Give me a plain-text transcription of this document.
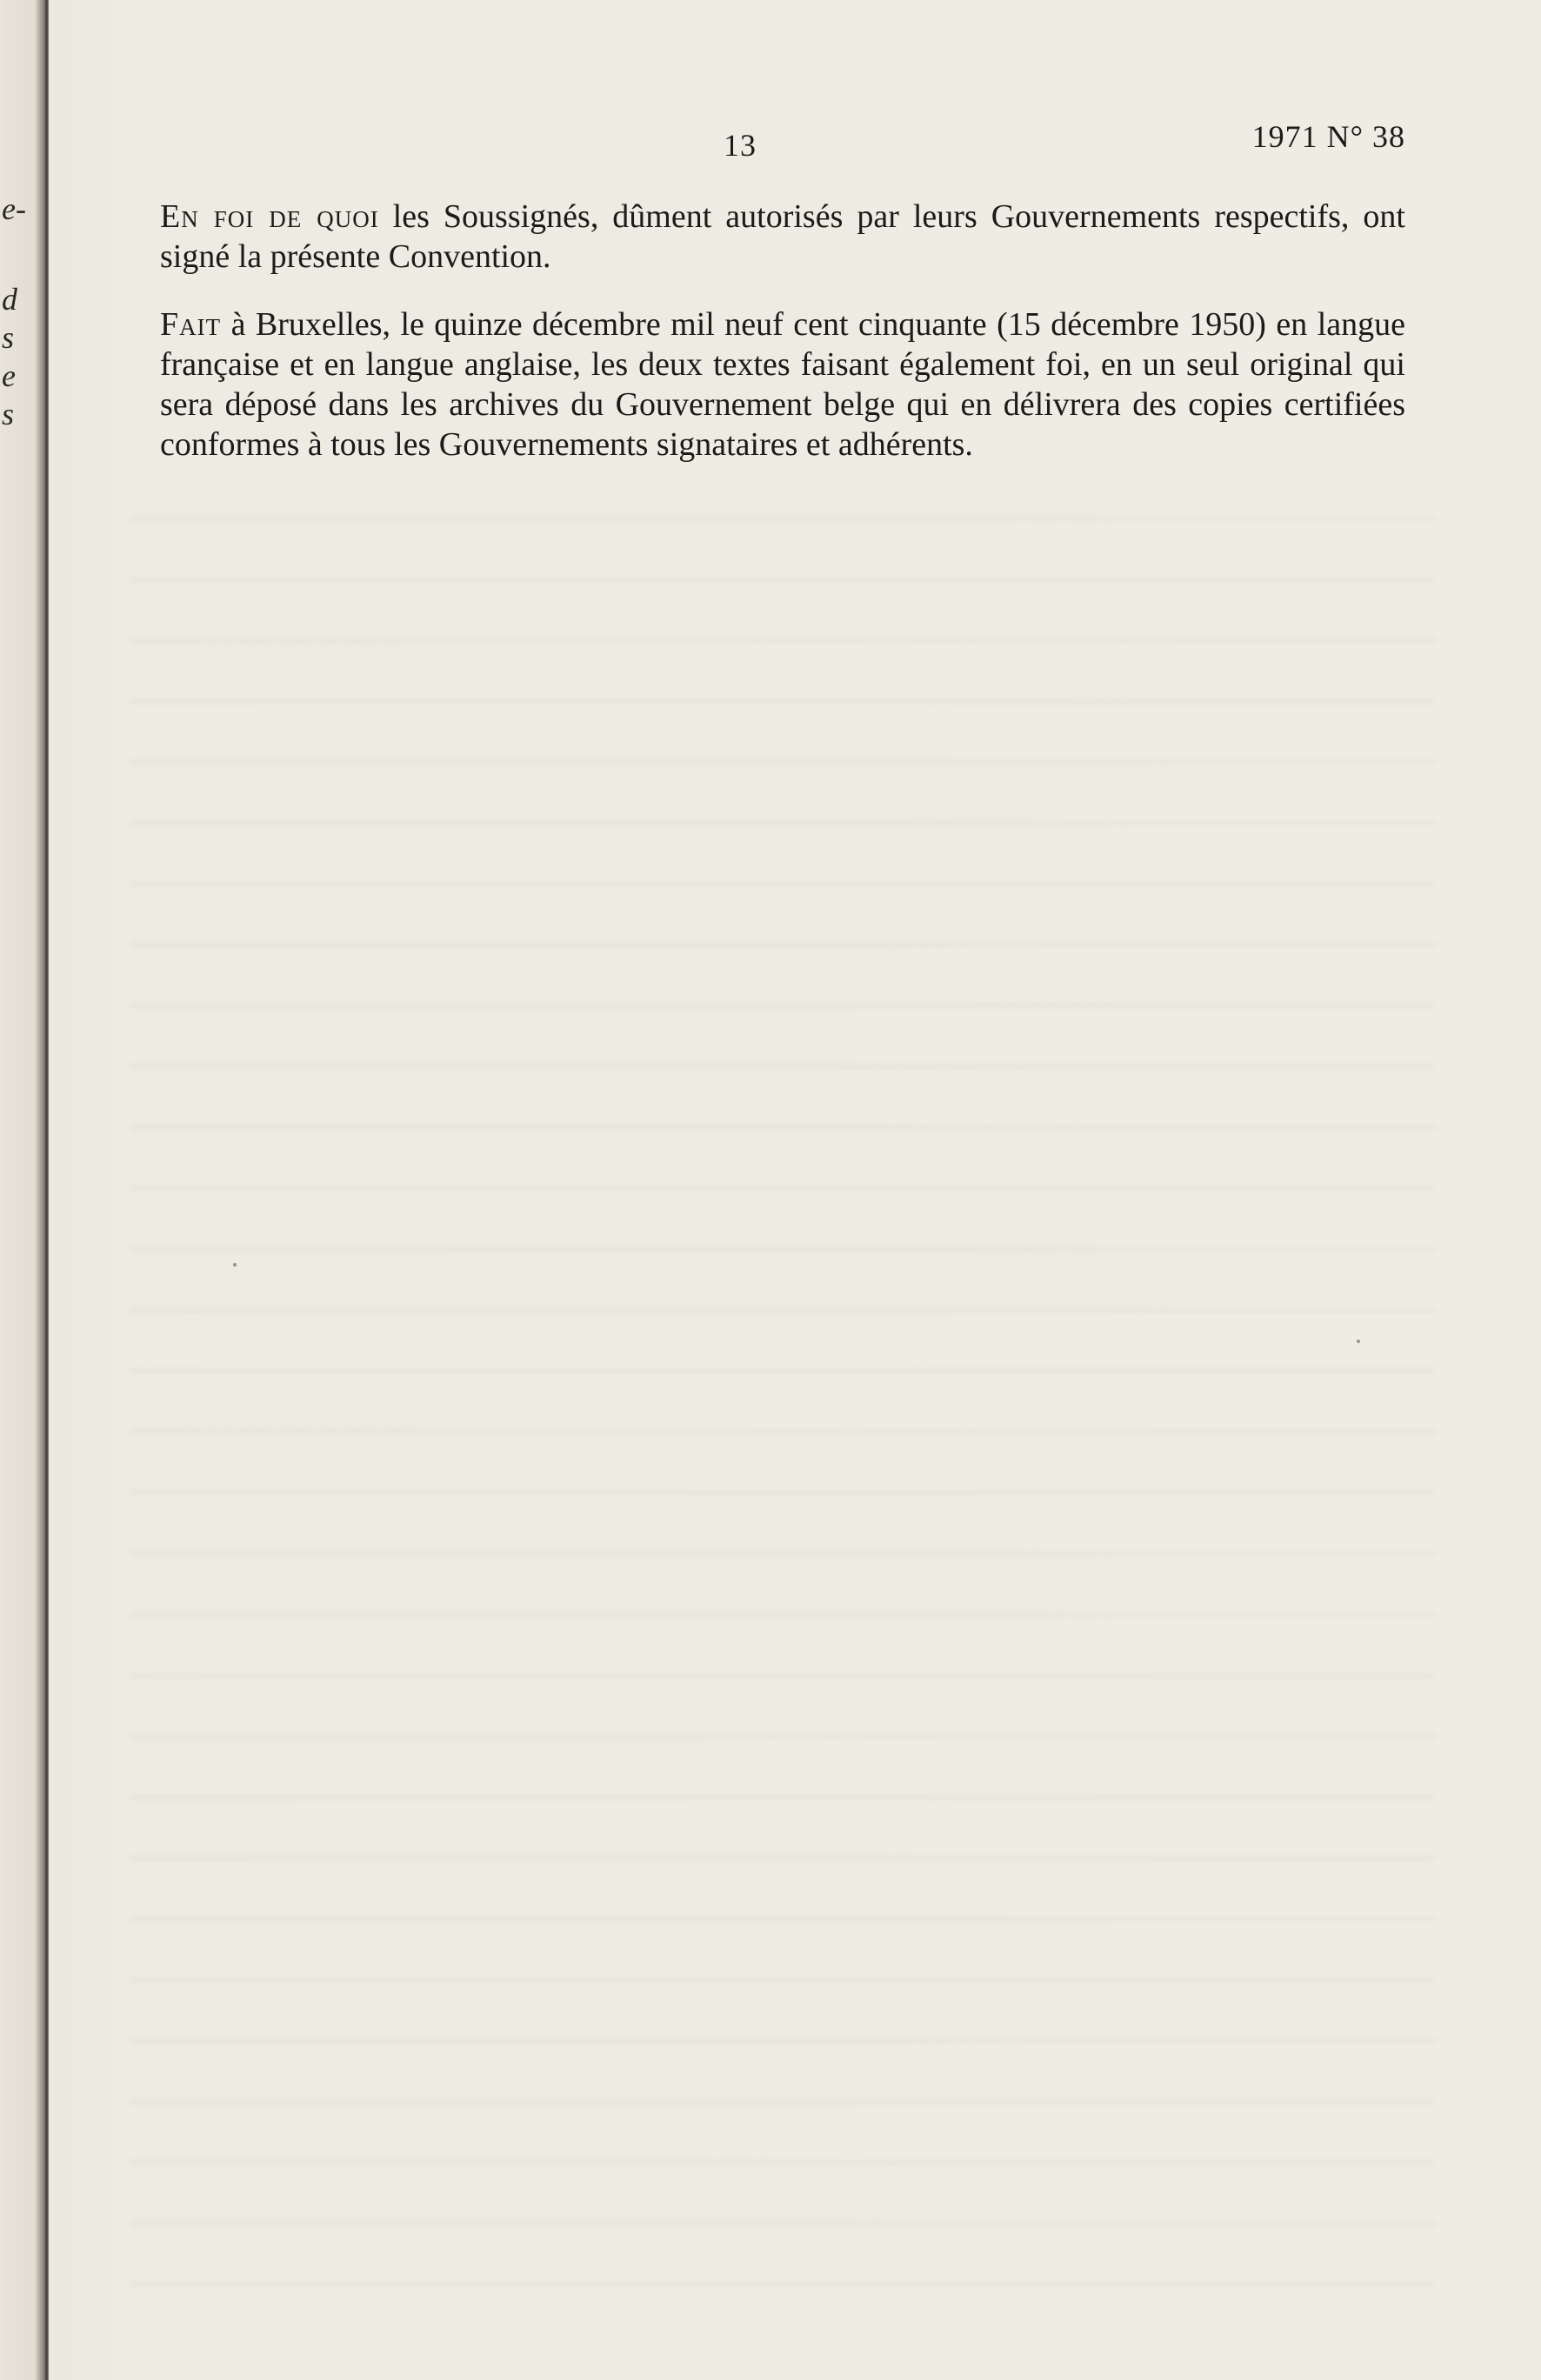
e-
d
s
e
s
13	1971 N° 38

En foi de quoi les Soussignés, dûment autorisés par leurs Gouvernements respectifs, ont signé la présente Convention.

Fait à Bruxelles, le quinze décembre mil neuf cent cinquante (15 décembre 1950) en langue française et en langue anglaise, les deux textes faisant également foi, en un seul original qui sera déposé dans les archives du Gouvernement belge qui en délivrera des copies certifiées conformes à tous les Gouvernements signataires et adhérents.
